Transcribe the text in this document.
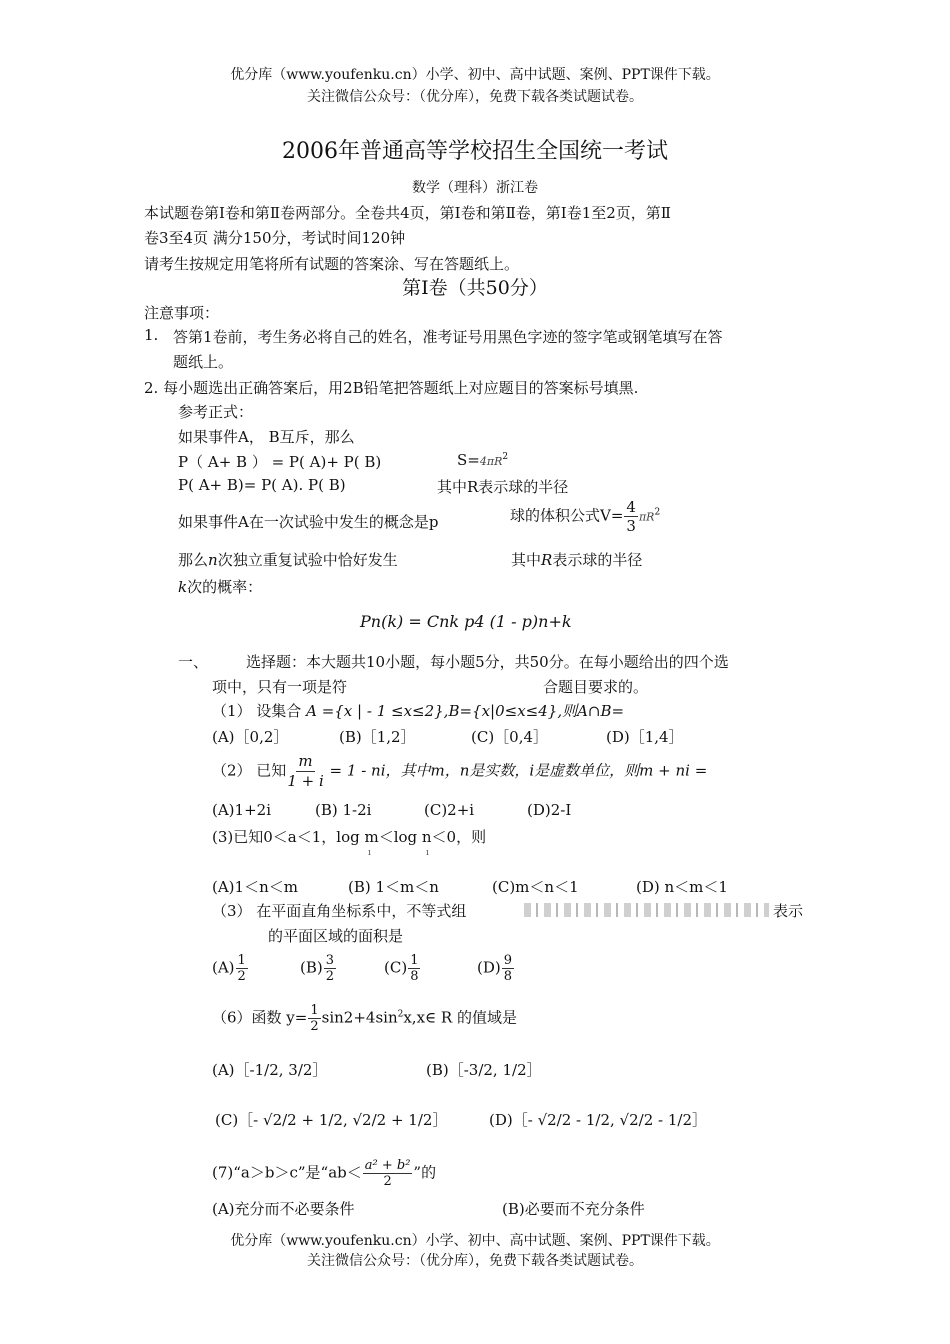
优分库（www.youfenku.cn）小学、初中、高中试题、案例、PPT课件下载。
关注微信公众号：（优分库），免费下载各类试题试卷。
2006年普通高等学校招生全国统一考试
数学（理科）浙江卷
本试题卷第Ⅰ卷和第Ⅱ卷两部分。全卷共4页，第Ⅰ卷和第Ⅱ卷，第Ⅰ卷1至2页，第Ⅱ
卷3至4页 满分150分，考试时间120钟
请考生按规定用笔将所有试题的答案涂、写在答题纸上。
第Ⅰ卷（共50分）
注意事项：
1. 答第1卷前，考生务必将自己的姓名，准考证号用黑色字迹的签字笔或钢笔填写在答
题纸上。
2. 每小题选出正确答案后，用2B铅笔把答题纸上对应题目的答案标号填黑.
参考正式：
如果事件A， B互斥，那么
P（ A+ B ） = P( A)+ P( B)	$S=4\pi R^2$
P( A+ B)= P( A). P( B)	其中R表示球的半径
如果事件A在一次试验中发生的概念是p	球的体积公式$V= \frac{4}{3} \pi R^2$
那么n次独立重复试验中恰好发生	其中R表示球的半径
k次的概率：
Pn(k) = Cnk p4 (1 - p)n+k
一、	选择题：本大题共10小题，每小题5分，共50分。在每小题给出的四个选
项中，只有一项是符	合题目要求的。
（1） 设集合 A ={x | - 1 ≤x≤2},B={x|0≤x≤4},则A∩B=
(A)［0,2］	(B)［1,2］	(C)［0,4］	(D)［1,4］
（2） 已知 $\frac{m}{1 + i} = 1$ - ni，其中m，n是实数，i是虚数单位，则m + ni =
(A)1+2i	(B) 1-2i	(C)2+i	(D)2-I
(3)已知0＜a＜1，log m＜log n＜0，则
ı	ı
(A)1＜n＜m	(B) 1＜m＜n	(C)m＜n＜1	(D) n＜m＜1
（3） 在平面直角坐标系中，不等式组	表示
的平面区域的面积是
$(A) \frac{1}{2}$	$(B) \frac{3}{2}$	$(C) \frac{1}{8}$	$(D) \frac{9}{8}$
（6）函数 $y= \frac{1}{2}$ $\sin 2+4\sin^2x,x\in$ R 的值域是
(A)［-1/2, 3/2］	(B)［-3/2, 1/2］
(C)［- √2/2 + 1/2, √2/2 + 1/2］	(D)［- √2/2 - 1/2, √2/2 - 1/2］
(7)“a＞b＞c”是“$ab< \frac{\text{a² + b²}}{2}$ ”的
(A)充分而不必要条件	(B)必要而不充分条件
优分库（www.youfenku.cn）小学、初中、高中试题、案例、PPT课件下载。
关注微信公众号：（优分库），免费下载各类试题试卷。
